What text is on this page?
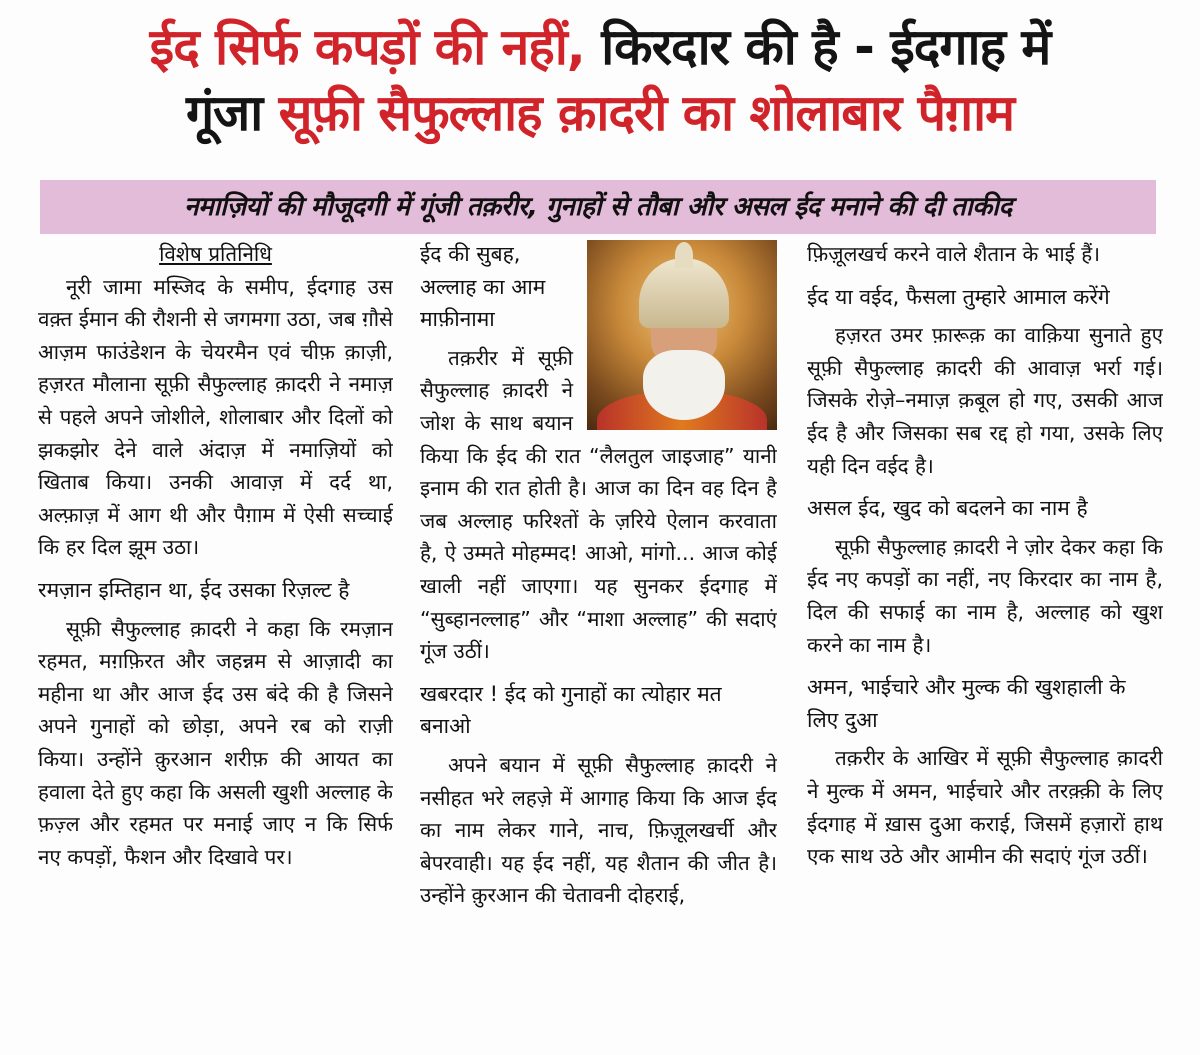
ईद सिर्फ कपड़ों की नहीं, किरदार की है - ईदगाह में
गूंजा सूफ़ी सैफुल्लाह क़ादरी का शोलाबार पैग़ाम
नमाज़ियों की मौजूदगी में गूंजी तक़रीर, गुनाहों से तौबा और असल ईद मनाने की दी ताकीद

विशेष प्रतिनिधि

नूरी जामा मस्जिद के समीप, ईदगाह उस वक़्त ईमान की रौशनी से जगमगा उठा, जब ग़ौसे आज़म फाउंडेशन के चेयरमैन एवं चीफ़ क़ाज़ी, हज़रत मौलाना सूफ़ी सैफुल्लाह क़ादरी ने नमाज़ से पहले अपने जोशीले, शोलाबार और दिलों को झकझोर देने वाले अंदाज़ में नमाज़ियों को खिताब किया। उनकी आवाज़ में दर्द था, अल्फ़ाज़ में आग थी और पैग़ाम में ऐसी सच्चाई कि हर दिल झूम उठा।

रमज़ान इम्तिहान था, ईद उसका रिज़ल्ट है

सूफ़ी सैफुल्लाह क़ादरी ने कहा कि रमज़ान रहमत, मग़फ़िरत और जहन्नम से आज़ादी का महीना था और आज ईद उस बंदे की है जिसने अपने गुनाहों को छोड़ा, अपने रब को राज़ी किया। उन्होंने क़ुरआन शरीफ़ की आयत का हवाला देते हुए कहा कि असली खुशी अल्लाह के फ़ज़्ल और रहमत पर मनाई जाए न कि सिर्फ नए कपड़ों, फैशन और दिखावे पर।

ईद की सुबह, अल्लाह का आम माफ़ीनामा

तक़रीर में सूफ़ी सैफुल्लाह क़ादरी ने जोश के साथ बयान किया कि ईद की रात “लैलतुल जाइजाह” यानी इनाम की रात होती है। आज का दिन वह दिन है जब अल्लाह फरिश्तों के ज़रिये ऐलान करवाता है, ऐ उम्मते मोहम्मद! आओ, मांगो... आज कोई खाली नहीं जाएगा। यह सुनकर ईदगाह में “सुब्हानल्लाह” और “माशा अल्लाह” की सदाएं गूंज उठीं।

खबरदार ! ईद को गुनाहों का त्योहार मत बनाओ

अपने बयान में सूफ़ी सैफुल्लाह क़ादरी ने नसीहत भरे लहज़े में आगाह किया कि आज ईद का नाम लेकर गाने, नाच, फ़िज़ूलखर्ची और बेपरवाही। यह ईद नहीं, यह शैतान की जीत है। उन्होंने क़ुरआन की चेतावनी दोहराई,

फ़िज़ूलखर्च करने वाले शैतान के भाई हैं।

ईद या वईद, फैसला तुम्हारे आमाल करेंगे

हज़रत उमर फ़ारूक़ का वाक़िया सुनाते हुए सूफ़ी सैफुल्लाह क़ादरी की आवाज़ भर्रा गई। जिसके रोज़े–नमाज़ क़बूल हो गए, उसकी आज ईद है और जिसका सब रद्द हो गया, उसके लिए यही दिन वईद है।

असल ईद, खुद को बदलने का नाम है

सूफ़ी सैफुल्लाह क़ादरी ने ज़ोर देकर कहा कि ईद नए कपड़ों का नहीं, नए किरदार का नाम है, दिल की सफाई का नाम है, अल्लाह को खुश करने का नाम है।

अमन, भाईचारे और मुल्क की खुशहाली के लिए दुआ

तक़रीर के आखिर में सूफ़ी सैफुल्लाह क़ादरी ने मुल्क में अमन, भाईचारे और तरक़्क़ी के लिए ईदगाह में ख़ास दुआ कराई, जिसमें हज़ारों हाथ एक साथ उठे और आमीन की सदाएं गूंज उठीं।
